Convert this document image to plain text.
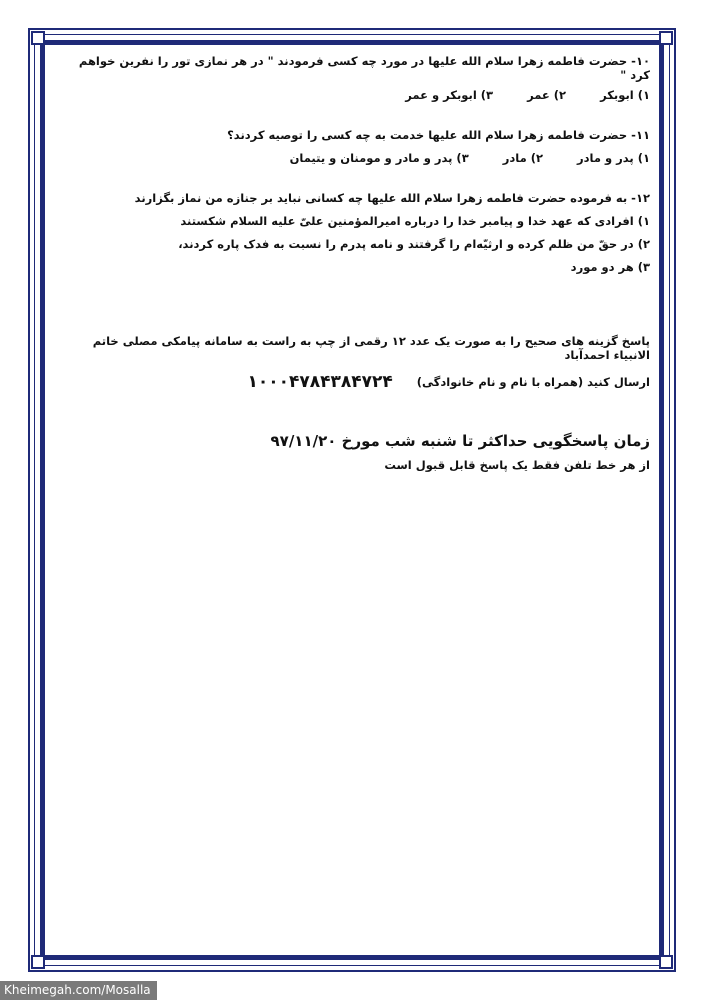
۱۰- حضرت فاطمه زهرا سلام الله علیها در مورد چه کسی فرمودند " در هر نمازی تور را نفرین خواهم کرد "
۱) ابوبکر
۲) عمر
۳) ابوبکر و عمر
۱۱- حضرت فاطمه زهرا سلام الله علیها خدمت به چه کسی را توصیه کردند؟
۱) پدر و مادر
۲) مادر
۳) پدر و مادر و مومنان و یتیمان
۱۲- به فرموده حضرت فاطمه زهرا سلام الله علیها چه کسانی نباید بر جنازه من نماز بگزارند
۱) افرادی که عهد خدا و پیامبر خدا را درباره امیرالمؤمنین علیّ علیه السلام شکستند
۲) در حقّ من ظلم کرده و ارثیّه‌ام را گرفتند و نامه پدرم را نسبت به فدک پاره کردند،
۳) هر دو مورد
پاسخ گزینه های صحیح را به صورت یک عدد ۱۲ رقمی از چپ به راست به سامانه پیامکی مصلی خاتم الانبیاء احمدآباد
ارسال کنید (همراه با نام و نام خانوادگی)
۱۰۰۰۴۷۸۴۳۸۴۷۲۴
زمان پاسخگویی حداکثر تا شنبه شب مورخ ۹۷/۱۱/۲۰
از هر خط تلفن فقط یک پاسخ قابل قبول است
Kheimegah.com/Mosalla
